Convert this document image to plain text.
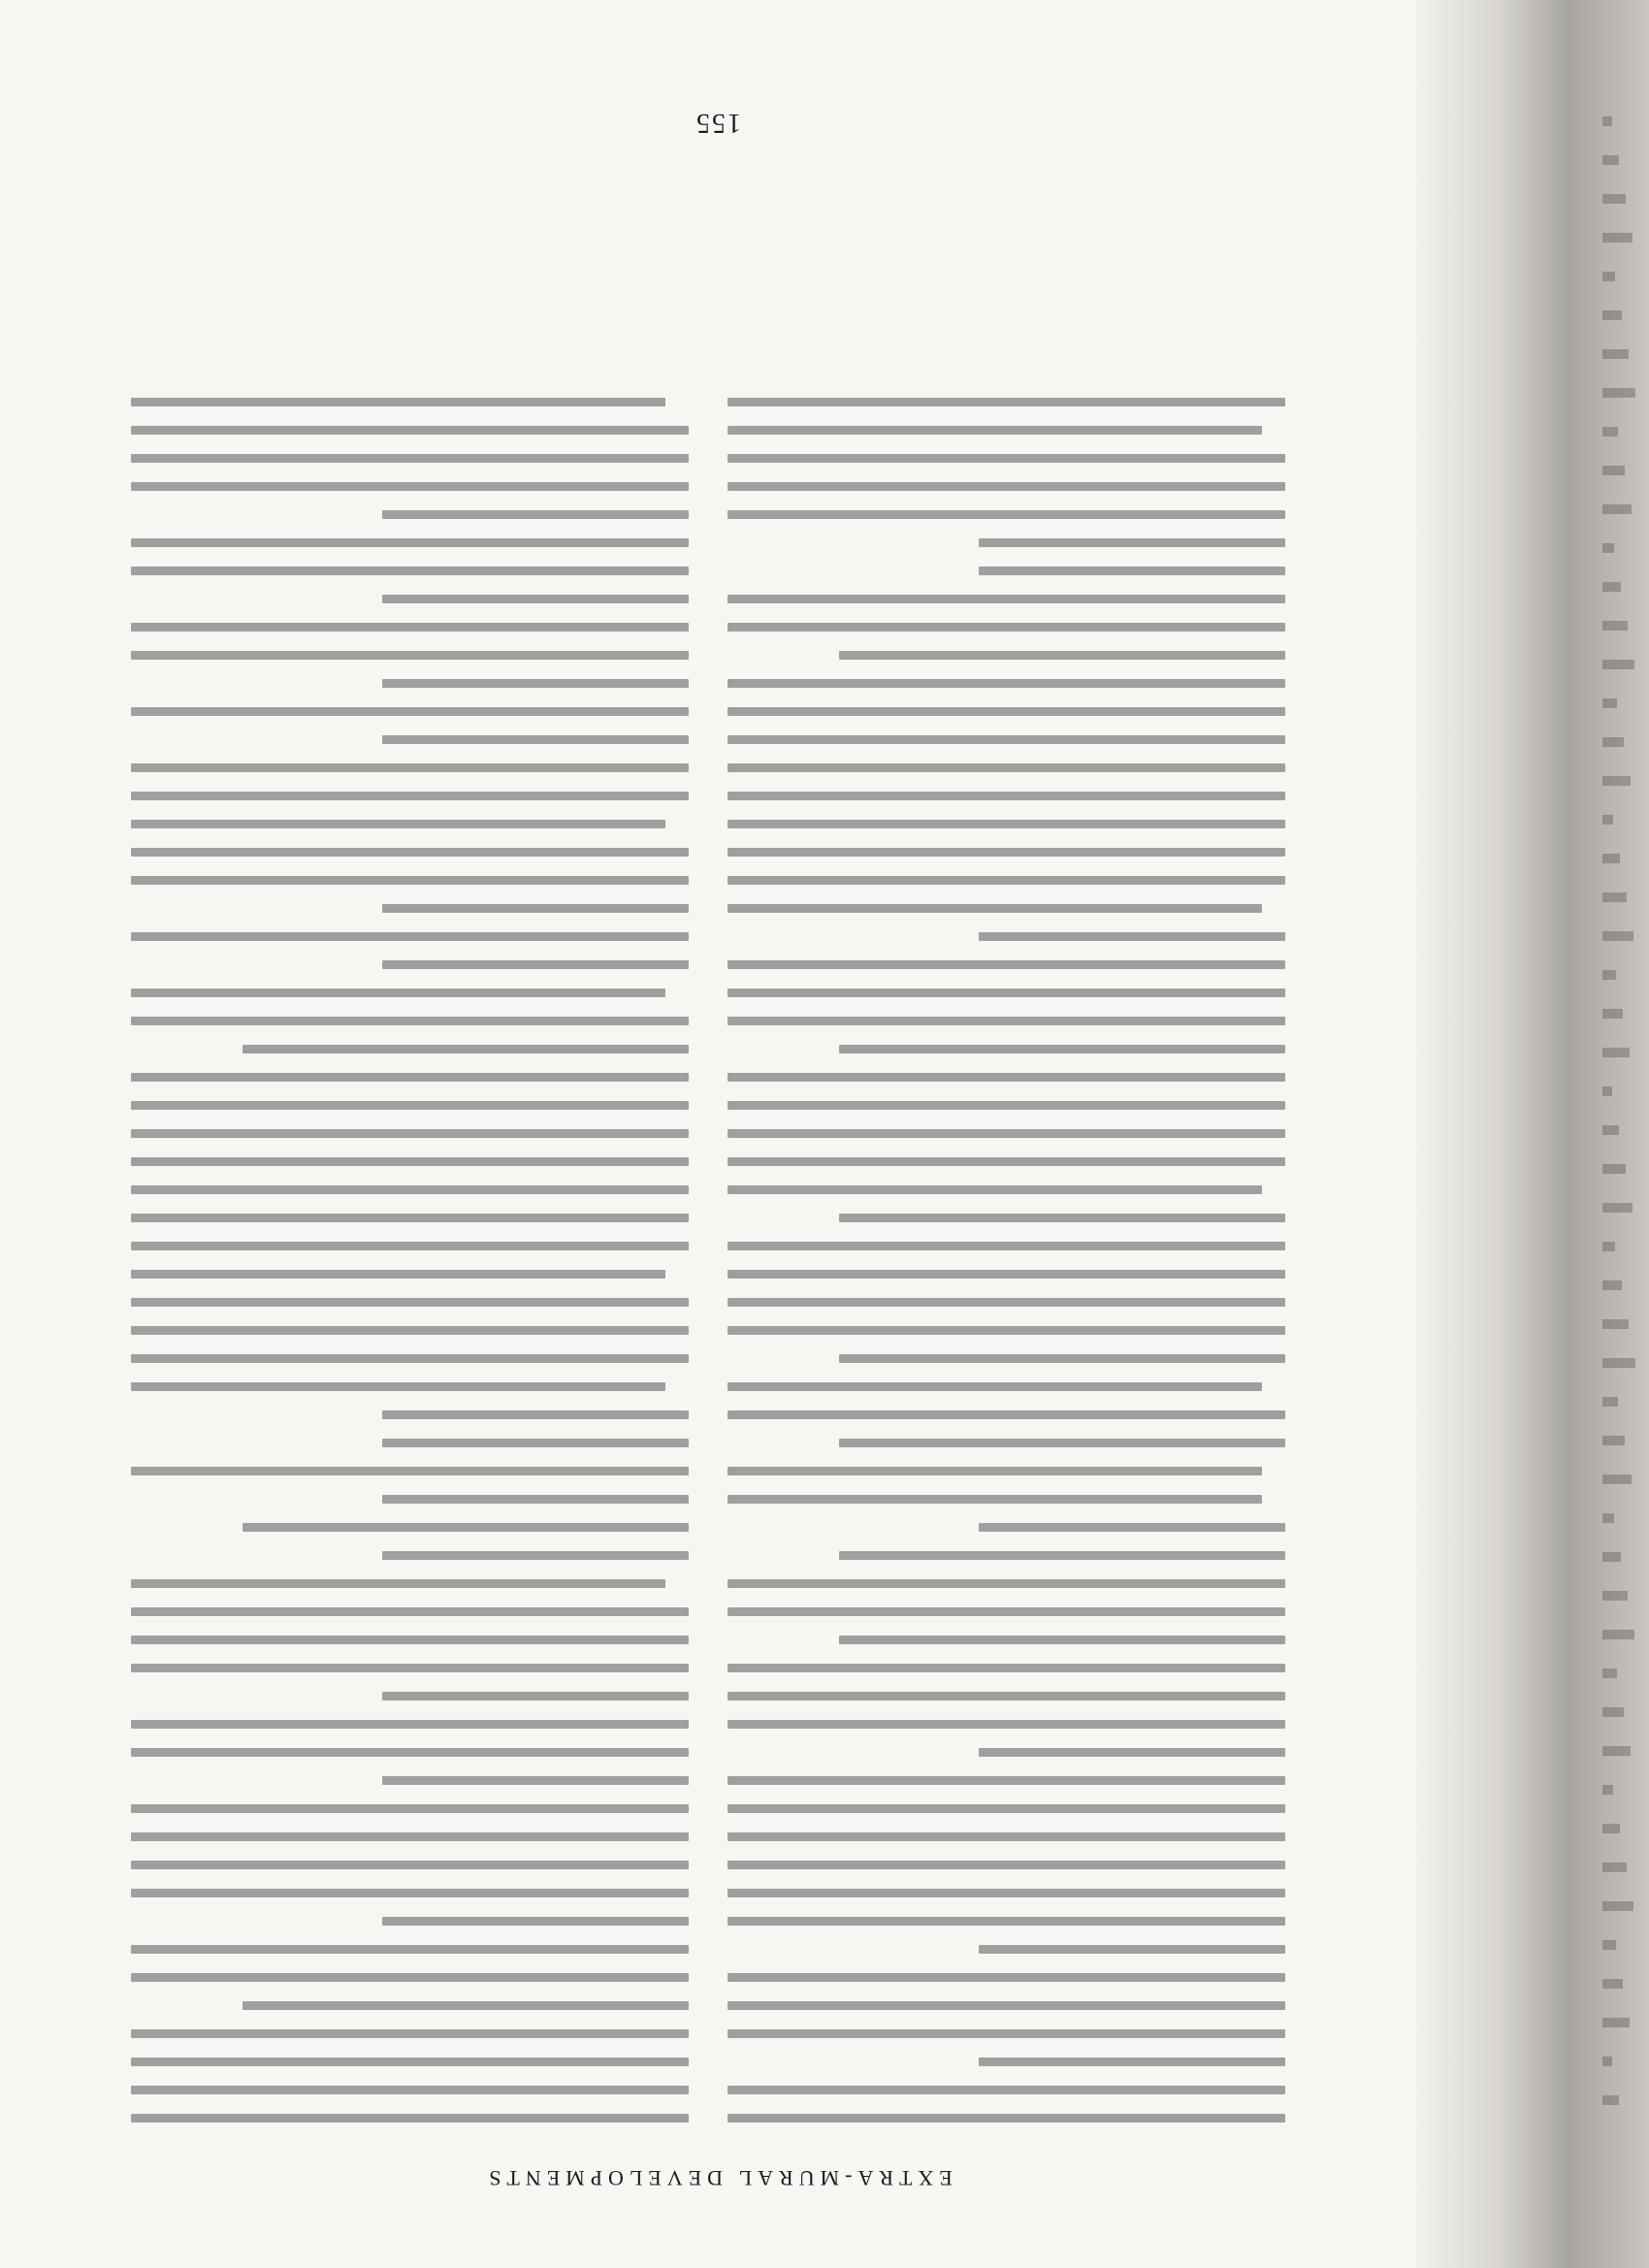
EXTRA-MURAL DEVELOPMENTS
155
